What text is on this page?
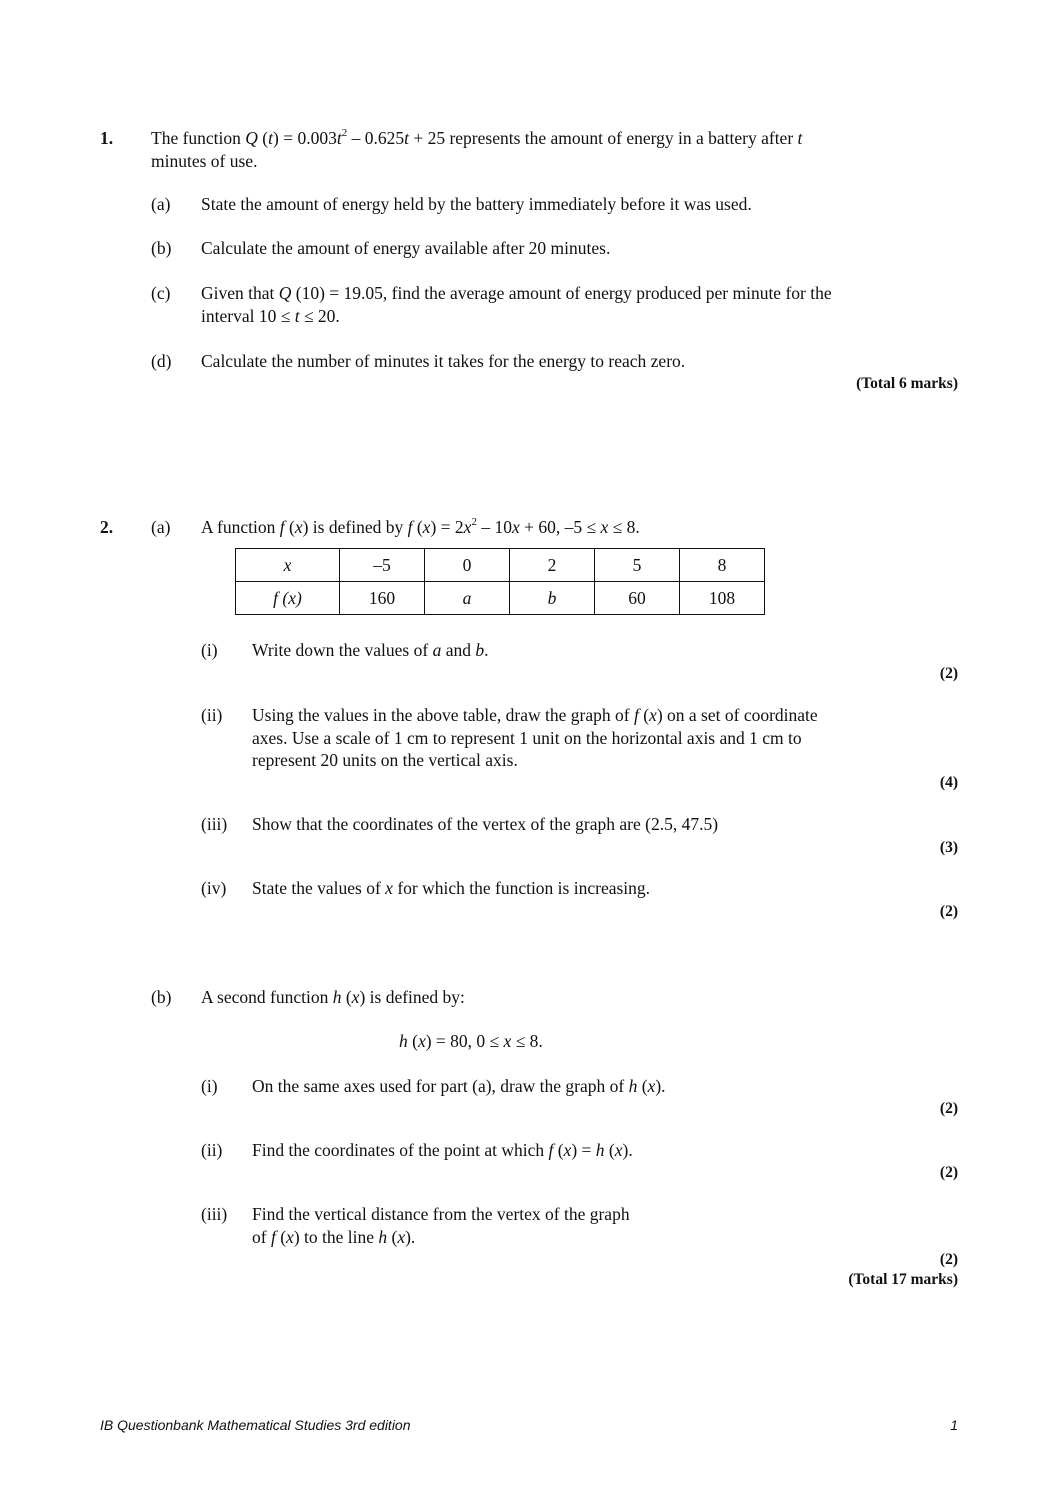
1. The function Q $(t) = 0.003t^2 - 0.625t + 25$ represents the amount of energy in a battery after t
minutes of use.
(a) State the amount of energy held by the battery immediately before it was used.
(b) Calculate the amount of energy available after 20 minutes.
(c) Given that Q (10) = 19.05, find the average amount of energy produced per minute for the
interval 10 ≤ t ≤ 20.
(d) Calculate the number of minutes it takes for the energy to reach zero.
(Total 6 marks)
2. (a) A function f (x) is defined by f $(x) = 2x^2 - 10x + 60$, –5 ≤ x ≤ 8.
x	–5	0	2	5	8
f (x)	160	a	b	60	108
(i) Write down the values of a and b.
(2)
(ii) Using the values in the above table, draw the graph of f (x) on a set of coordinate
axes. Use a scale of 1 cm to represent 1 unit on the horizontal axis and 1 cm to
represent 20 units on the vertical axis.
(4)
(iii) Show that the coordinates of the vertex of the graph are (2.5, 47.5)
(3)
(iv) State the values of x for which the function is increasing.
(2)
(b) A second function h (x) is defined by:
h (x) = 80, 0 ≤ x ≤ 8.
(i) On the same axes used for part (a), draw the graph of h (x).
(2)
(ii) Find the coordinates of the point at which f (x) = h (x).
(2)
(iii) Find the vertical distance from the vertex of the graph
of f (x) to the line h (x).
(2)
(Total 17 marks)
IB Questionbank Mathematical Studies 3rd edition	1
